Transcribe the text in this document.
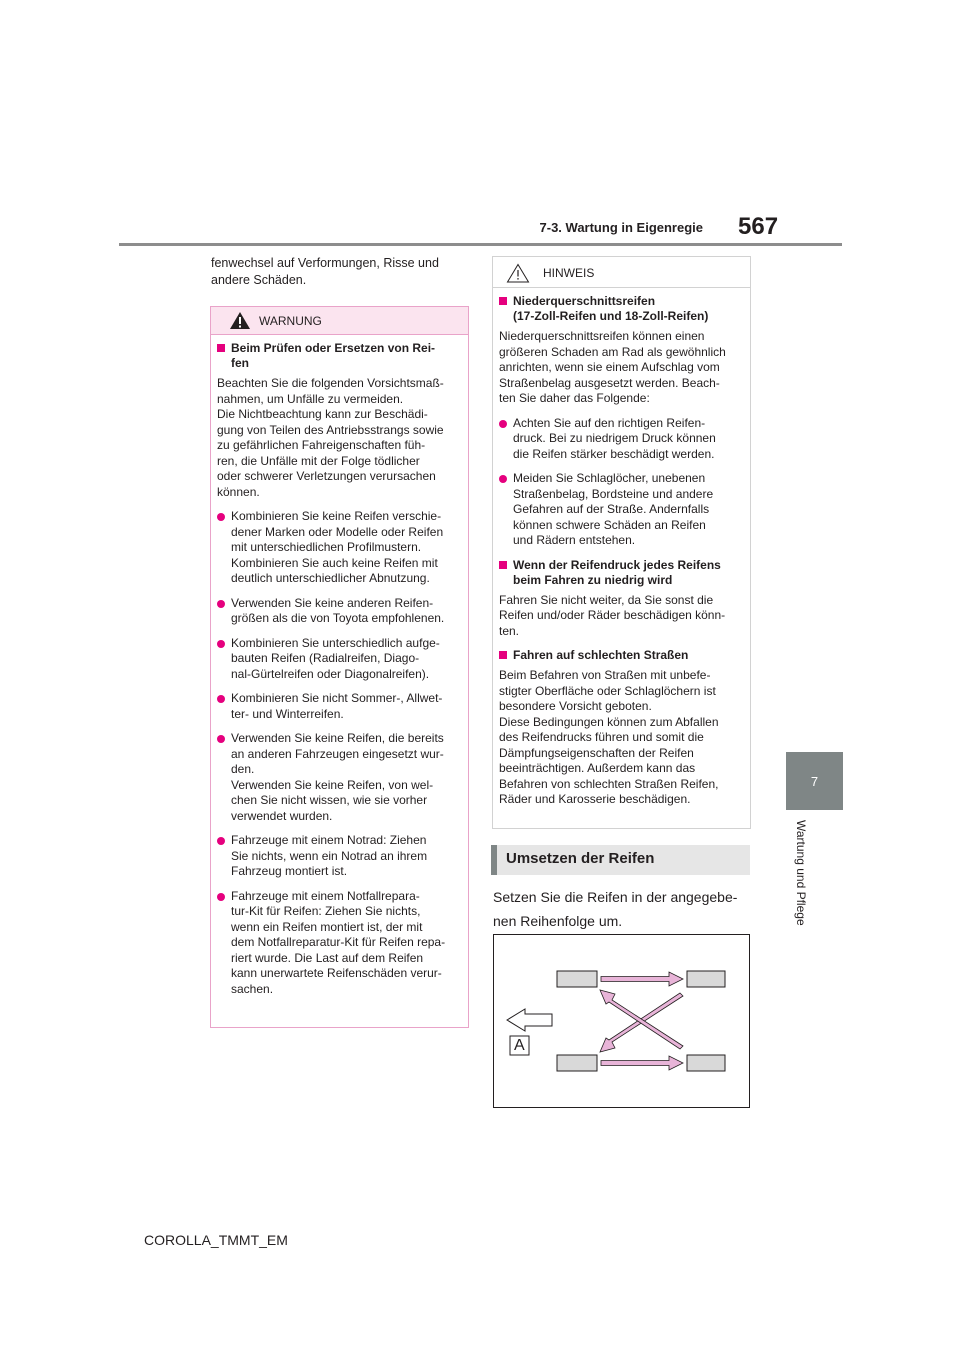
7-3. Wartung in Eigenregie 567
7
Wartung und Pflege
fenwechsel auf Verformungen, Risse und andere Schäden.
WARNUNG
Beim Prüfen oder Ersetzen von Rei-
fen
Beachten Sie die folgenden Vorsichtsmaß-
nahmen, um Unfälle zu vermeiden.
Die Nichtbeachtung kann zur Beschädi-
gung von Teilen des Antriebsstrangs sowie
zu gefährlichen Fahreigenschaften füh-
ren, die Unfälle mit der Folge tödlicher
oder schwerer Verletzungen verursachen
können.
Kombinieren Sie keine Reifen verschie-
dener Marken oder Modelle oder Reifen
mit unterschiedlichen Profilmustern.
Kombinieren Sie auch keine Reifen mit
deutlich unterschiedlicher Abnutzung.
Verwenden Sie keine anderen Reifen-
größen als die von Toyota empfohlenen.
Kombinieren Sie unterschiedlich aufge-
bauten Reifen (Radialreifen, Diago-
nal-Gürtelreifen oder Diagonalreifen).
Kombinieren Sie nicht Sommer-, Allwet-
ter- und Winterreifen.
Verwenden Sie keine Reifen, die bereits
an anderen Fahrzeugen eingesetzt wur-
den.
Verwenden Sie keine Reifen, von wel-
chen Sie nicht wissen, wie sie vorher
verwendet wurden.
Fahrzeuge mit einem Notrad: Ziehen
Sie nichts, wenn ein Notrad an ihrem
Fahrzeug montiert ist.
Fahrzeuge mit einem Notfallrepara-
tur-Kit für Reifen: Ziehen Sie nichts,
wenn ein Reifen montiert ist, der mit
dem Notfallreparatur-Kit für Reifen repa-
riert wurde. Die Last auf dem Reifen
kann unerwartete Reifenschäden verur-
sachen.
HINWEIS
Niederquerschnittsreifen
(17-Zoll-Reifen und 18-Zoll-Reifen)
Niederquerschnittsreifen können einen
größeren Schaden am Rad als gewöhnlich
anrichten, wenn sie einem Aufschlag vom
Straßenbelag ausgesetzt werden. Beach-
ten Sie daher das Folgende:
Achten Sie auf den richtigen Reifen-
druck. Bei zu niedrigem Druck können
die Reifen stärker beschädigt werden.
Meiden Sie Schlaglöcher, unebenen
Straßenbelag, Bordsteine und andere
Gefahren auf der Straße. Andernfalls
können schwere Schäden an Reifen
und Rädern entstehen.
Wenn der Reifendruck jedes Reifens
beim Fahren zu niedrig wird
Fahren Sie nicht weiter, da Sie sonst die
Reifen und/oder Räder beschädigen könn-
ten.
Fahren auf schlechten Straßen
Beim Befahren von Straßen mit unbefe-
stigter Oberfläche oder Schlaglöchern ist
besondere Vorsicht geboten.
Diese Bedingungen können zum Abfallen
des Reifendrucks führen und somit die
Dämpfungseigenschaften der Reifen
beeinträchtigen. Außerdem kann das
Befahren von schlechten Straßen Reifen,
Räder und Karosserie beschädigen.
Umsetzen der Reifen
Setzen Sie die Reifen in der angegebe-
nen Reihenfolge um.
A
COROLLA_TMMT_EM
